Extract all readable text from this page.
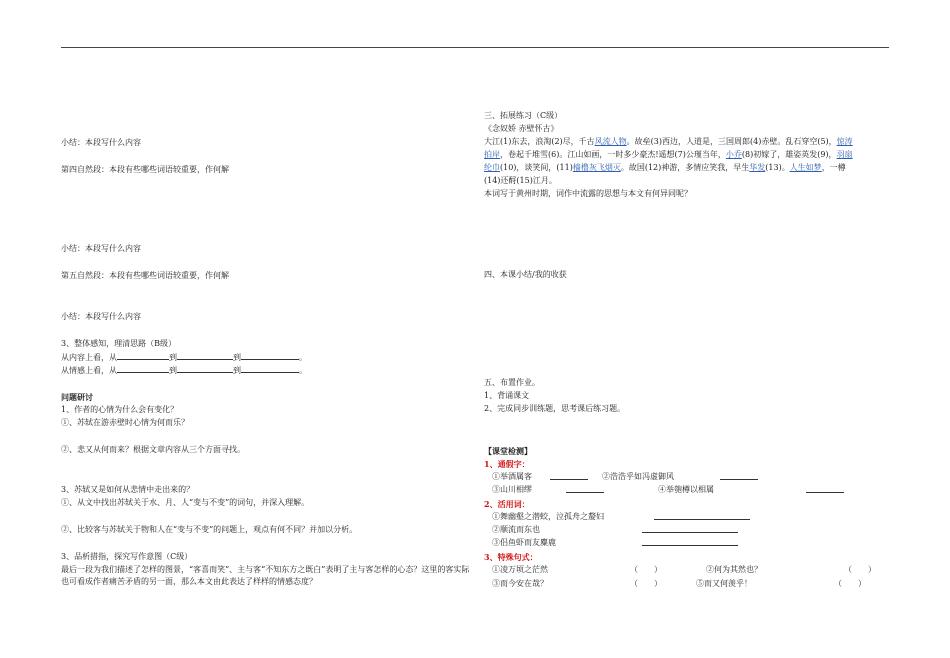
小结：本段写什么内容
第四自然段：本段有些哪些词语较重要，作何解
小结：本段写什么内容
第五自然段：本段有些哪些词语较重要，作何解
小结：本段写什么内容
3、整体感知，理清思路（B级）
从内容上看，从	到	到	。
从情感上看，从	到	到	。
问题研讨
1、作者的心情为什么会有变化？
①、苏轼在游赤壁时心情为何而乐？
②、悲又从何而来？根据文章内容从三个方面寻找。
3、苏轼又是如何从悲情中走出来的？
①、从文中找出苏轼关于水、月、人“变与不变”的词句，并深入理解。
②、比较客与苏轼关于物和人在“变与不变”的问题上，观点有何不同？并加以分析。
3、品析措指，探究写作意图（C级）
最后一段为我们描述了怎样的图景，“客喜而笑”、主与客“不知东方之既白”表明了主与客怎样的心态？这里的客实际也可看成作者痛苦矛盾的另一面，那么本文由此表达了样样的情感态度？
三、拓展练习（C级）
《念奴娇 赤壁怀古》
大江(1)东去，浪淘(2)尽，千古风流人物。故垒(3)西边，人道是，三国周郎(4)赤壁。乱石穿空(5)，惊涛
拍岸，卷起千堆雪(6)。江山如画，一时多少豪杰!遥想(7)公瑾当年，小乔(8)初嫁了，雄姿英发(9)，羽扇
纶巾(10)，谈笑间，(11)樯橹灰飞烟灭。故国(12)神游，多情应笑我，早生华发(13)。人生如梦，一樽
(14)还酹(15)江月。
本词写于黄州时期，词作中流露的思想与本文有何异同呢？
四、本课小结/我的收获
五、布置作业。
1、背诵课文
2、完成同步训练题，思考课后练习题。
【课堂检测】
1、通假字：
①举酒属客	②浩浩乎如冯虚御风
③山川相缪	④举匏樽以相属
2、活用词：
①舞幽壑之潜蛟，泣孤舟之嫠妇
②顺流而东也
③侣鱼虾而友麋鹿
3、特殊句式：
①凌万顷之茫然	（　　）	②何为其然也？	（　　）
③而今安在哉？	（　　）	⑤而又何羡乎！	（　　）
